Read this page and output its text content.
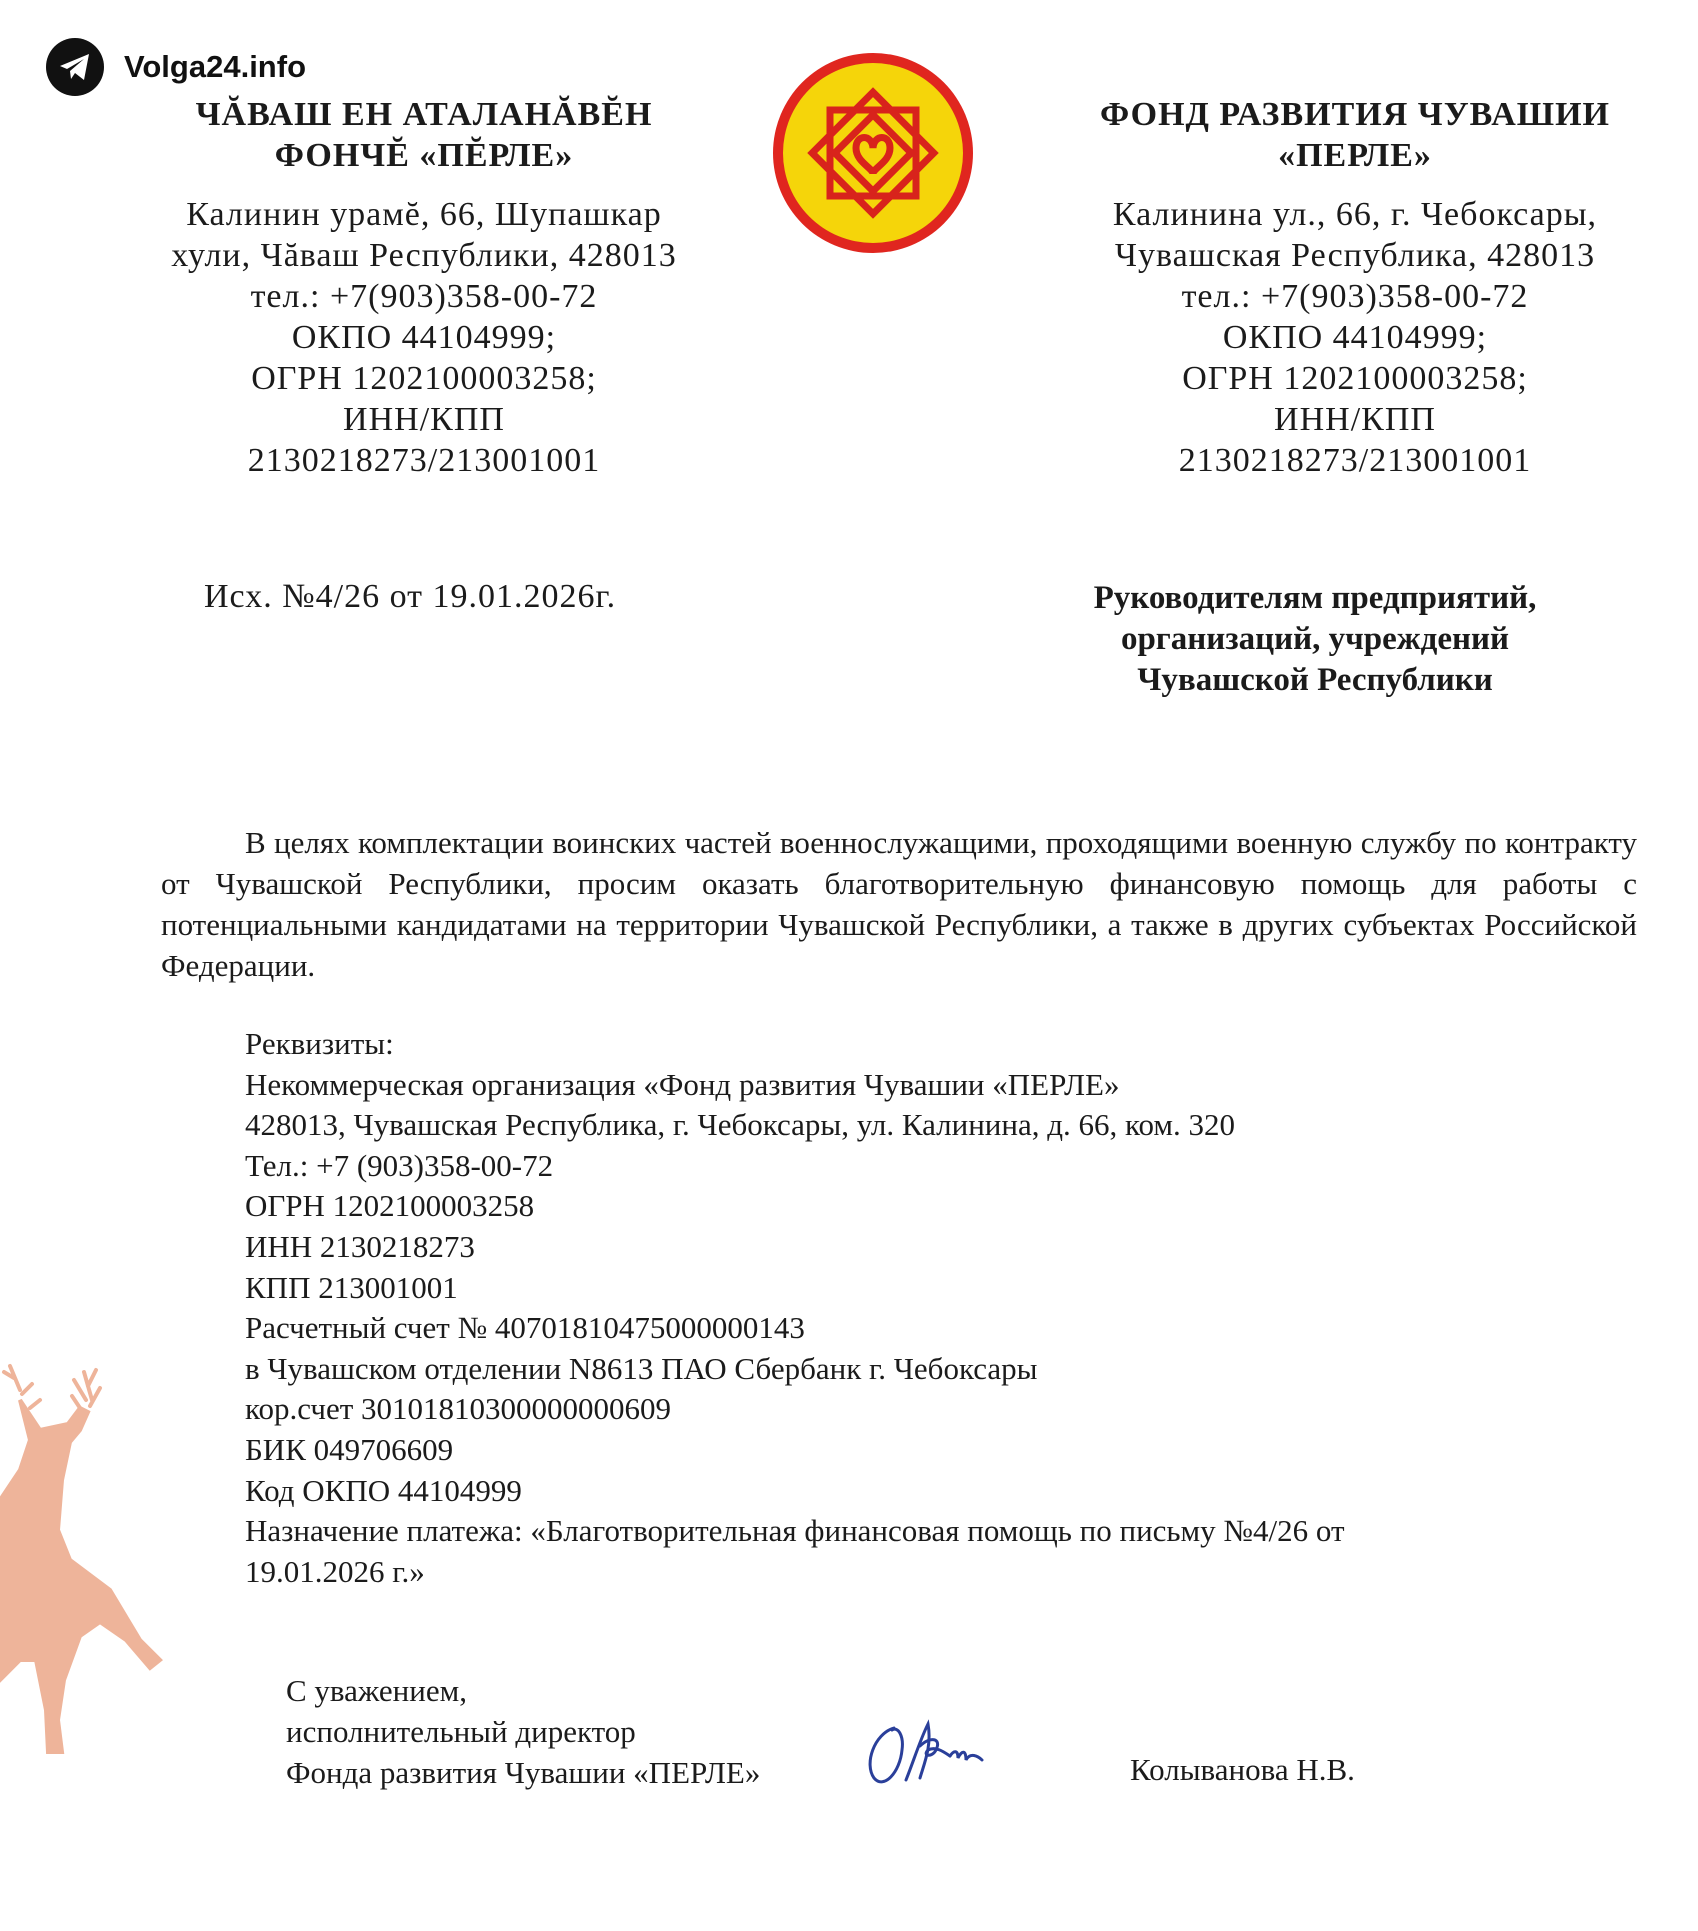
Volga24.info
ЧĂВАШ ЕН АТАЛАНĂВĔН
ФОНЧĔ «ПĔРЛЕ»
Калинин урамĕ, 66, Шупашкар
хули, Чăваш Республики, 428013
тел.: +7(903)358-00-72
ОКПО 44104999;
ОГРН 1202100003258;
ИНН/КПП
2130218273/213001001
ФОНД РАЗВИТИЯ ЧУВАШИИ
«ПЕРЛЕ»
Калинина ул., 66, г. Чебоксары,
Чувашская Республика, 428013
тел.: +7(903)358-00-72
ОКПО 44104999;
ОГРН 1202100003258;
ИНН/КПП
2130218273/213001001
Исх. №4/26 от 19.01.2026г.	Руководителям предприятий,
организаций, учреждений
Чувашской Республики

В целях комплектации воинских частей военнослужащими, проходящими военную службу по контракту от Чувашской Республики, просим оказать благотворительную финансовую помощь для работы с потенциальными кандидатами на территории Чувашской Республики, а также в других субъектах Российской Федерации.

Реквизиты:
Некоммерческая организация «Фонд развития Чувашии «ПЕРЛЕ»
428013, Чувашская Республика, г. Чебоксары, ул. Калинина, д. 66, ком. 320
Тел.: +7 (903)358-00-72
ОГРН 1202100003258
ИНН 2130218273
КПП 213001001
Расчетный счет № 40701810475000000143
в Чувашском отделении N8613 ПАО Сбербанк г. Чебоксары
кор.счет 30101810300000000609
БИК 049706609
Код ОКПО 44104999
Назначение платежа: «Благотворительная финансовая помощь по письму №4/26 от
19.01.2026 г.»
С уважением,
исполнительный директор
Фонда развития Чувашии «ПЕРЛЕ»	Колыванова Н.В.
